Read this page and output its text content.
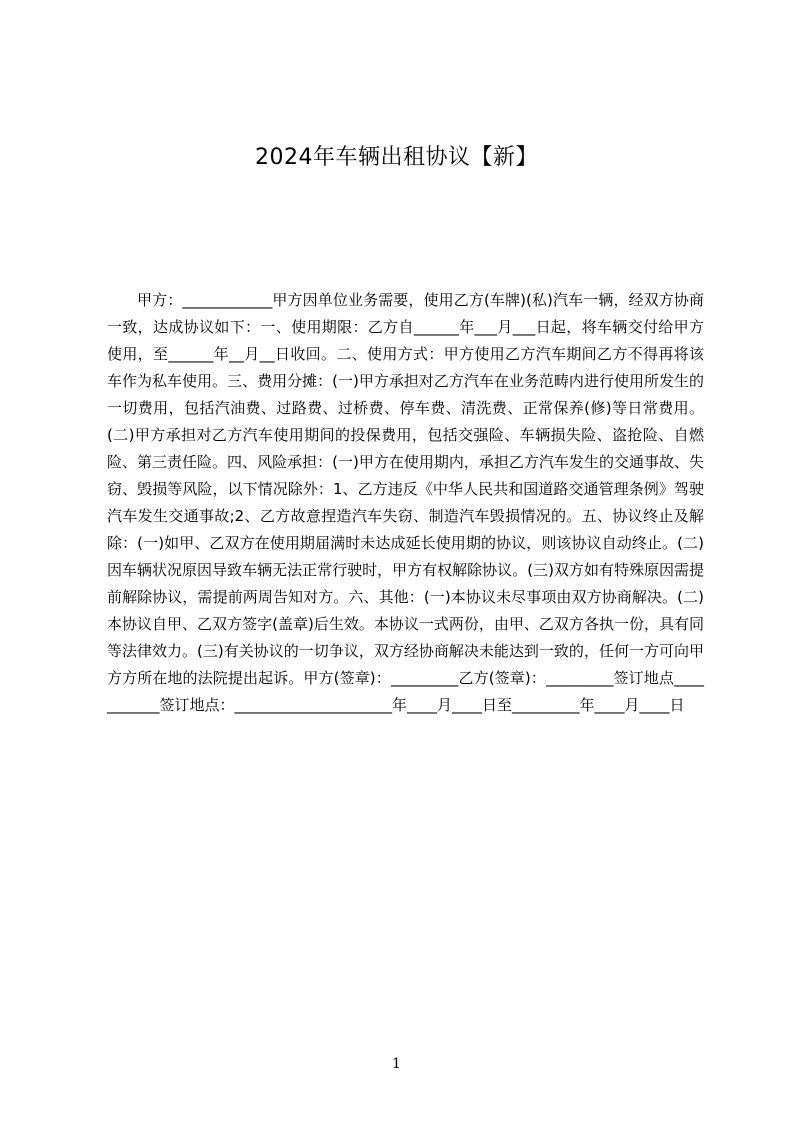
2024年车辆出租协议【新】

甲方：____________甲方因单位业务需要，使用乙方(车牌)(私)汽车一辆，经双方协商一致，达成协议如下：一、使用期限：乙方自______年___月___日起，将车辆交付给甲方使用，至______年__月__日收回。二、使用方式：甲方使用乙方汽车期间乙方不得再将该车作为私车使用。三、费用分摊：(一)甲方承担对乙方汽车在业务范畴内进行使用所发生的一切费用，包括汽油费、过路费、过桥费、停车费、清洗费、正常保养(修)等日常费用。(二)甲方承担对乙方汽车使用期间的投保费用，包括交强险、车辆损失险、盗抢险、自燃险、第三责任险。四、风险承担：(一)甲方在使用期内，承担乙方汽车发生的交通事故、失窃、毁损等风险，以下情况除外：1、乙方违反《中华人民共和国道路交通管理条例》驾驶汽车发生交通事故;2、乙方故意捏造汽车失窃、制造汽车毁损情况的。五、协议终止及解除：(一)如甲、乙双方在使用期届满时未达成延长使用期的协议，则该协议自动终止。(二)因车辆状况原因导致车辆无法正常行驶时，甲方有权解除协议。(三)双方如有特殊原因需提前解除协议，需提前两周告知对方。六、其他：(一)本协议未尽事项由双方协商解决。(二)本协议自甲、乙双方签字(盖章)后生效。本协议一式两份，由甲、乙双方各执一份，具有同等法律效力。(三)有关协议的一切争议，双方经协商解决未能达到一致的，任何一方可向甲方方所在地的法院提出起诉。甲方(签章)：_________乙方(签章)：_________签订地点___________签订地点：_____________________年____月____日至_________年____月____日

1
